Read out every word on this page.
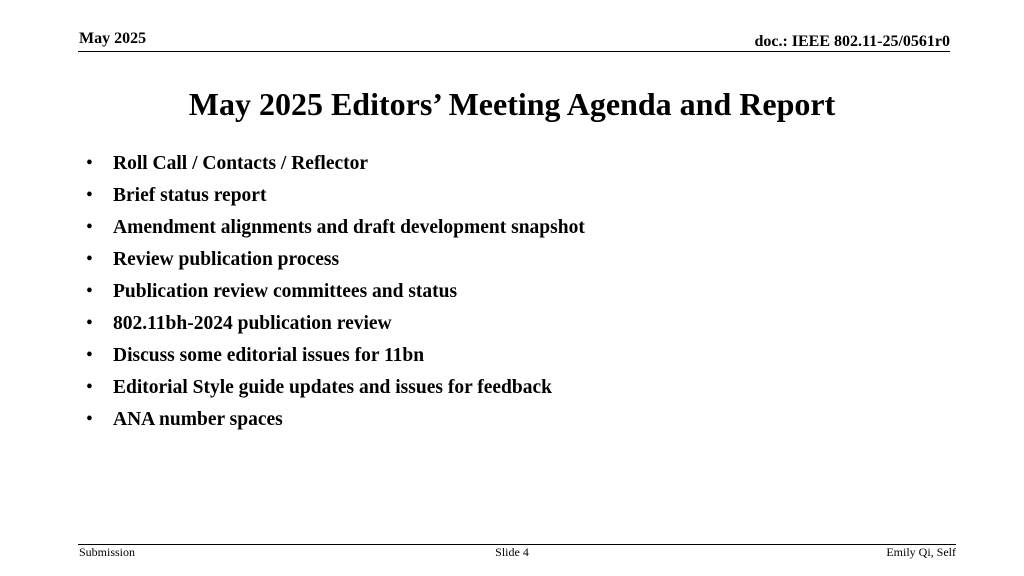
May 2025	doc.: IEEE 802.11-25/0561r0
May 2025 Editors’ Meeting Agenda and Report
• Roll Call / Contacts / Reflector
• Brief status report
• Amendment alignments and draft development snapshot
• Review publication process
• Publication review committees and status
• 802.11bh-2024 publication review
• Discuss some editorial issues for 11bn
• Editorial Style guide updates and issues for feedback
• ANA number spaces
Submission	Slide 4	Emily Qi, Self
